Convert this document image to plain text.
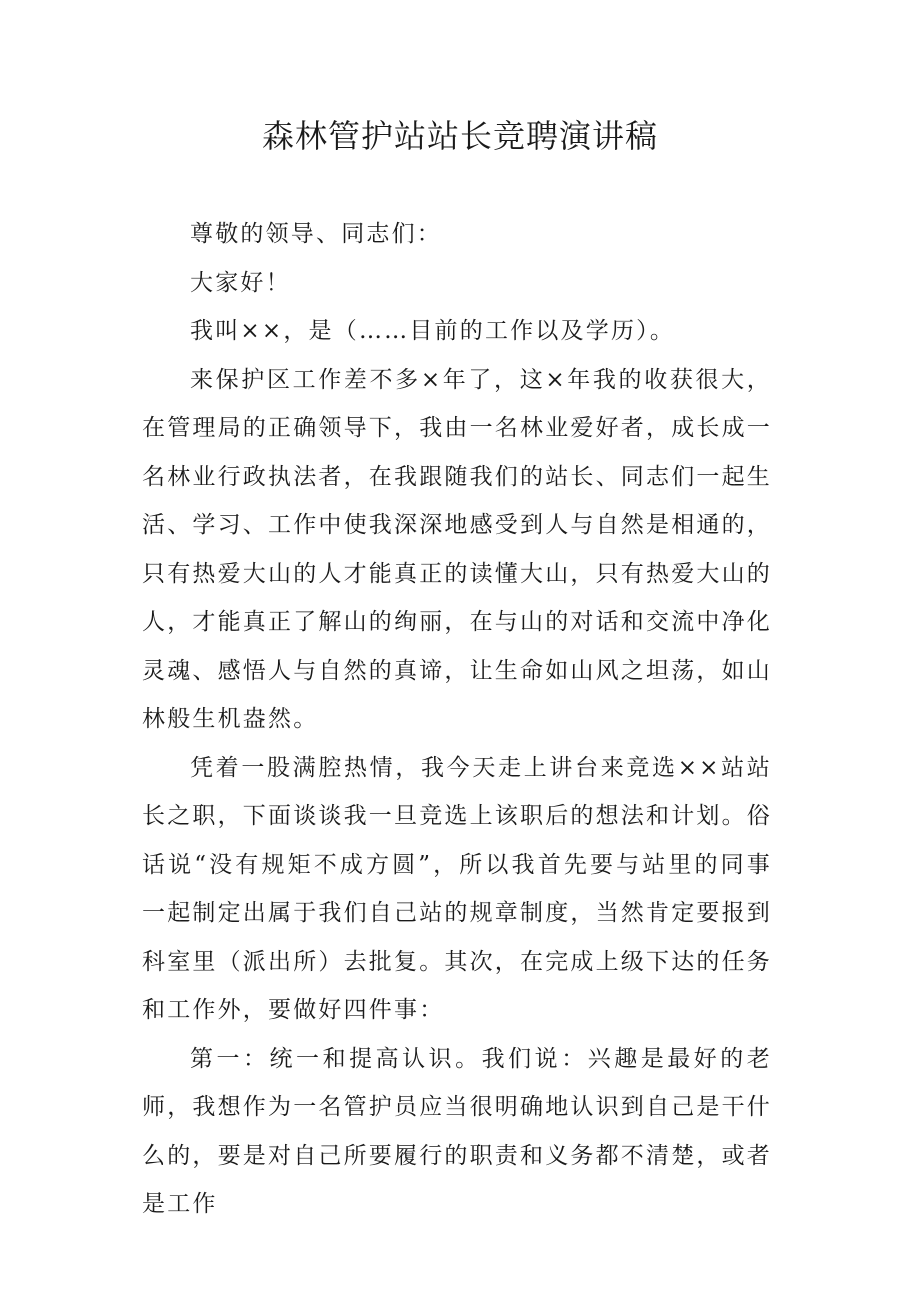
森林管护站站长竞聘演讲稿

尊敬的领导、同志们：

大家好！

我叫××，是（……目前的工作以及学历）。

来保护区工作差不多×年了，这×年我的收获很大，在管理局的正确领导下，我由一名林业爱好者，成长成一名林业行政执法者，在我跟随我们的站长、同志们一起生活、学习、工作中使我深深地感受到人与自然是相通的，只有热爱大山的人才能真正的读懂大山，只有热爱大山的人，才能真正了解山的绚丽，在与山的对话和交流中净化灵魂、感悟人与自然的真谛，让生命如山风之坦荡，如山林般生机盎然。

凭着一股满腔热情，我今天走上讲台来竞选××站站长之职，下面谈谈我一旦竞选上该职后的想法和计划。俗话说“没有规矩不成方圆”，所以我首先要与站里的同事一起制定出属于我们自己站的规章制度，当然肯定要报到科室里（派出所）去批复。其次，在完成上级下达的任务和工作外，要做好四件事：

第一：统一和提高认识。我们说：兴趣是最好的老师，我想作为一名管护员应当很明确地认识到自己是干什么的，要是对自己所要履行的职责和义务都不清楚，或者是工作
